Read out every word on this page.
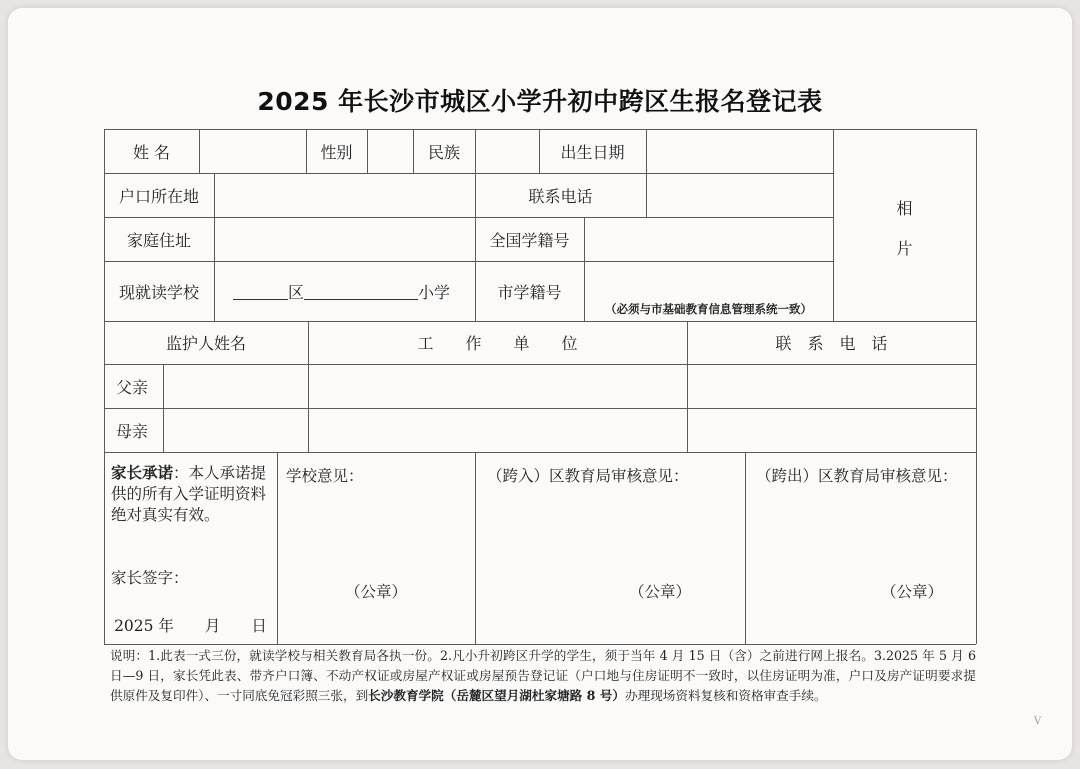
2025 年长沙市城区小学升初中跨区生报名登记表
姓 名	性别	民族	出生日期
户口所在地	联系电话
家庭住址	全国学籍号
现就读学校	区	小学	市学籍号
（必须与市基础教育信息管理系统一致）
相
片
监护人姓名	工　　作　　单　　位	联　系　电　话
父亲
母亲
家长承诺：本人承诺提供的所有入学证明资料绝对真实有效。
家长签字：
2025 年　　月　　日
学校意见：
（公章）
（跨入）区教育局审核意见：
（公章）
（跨出）区教育局审核意见：
（公章）
说明：1.此表一式三份，就读学校与相关教育局各执一份。2.凡小升初跨区升学的学生，须于当年 4 月 15 日（含）之前进行网上报名。3.2025 年 5 月 6 日—9 日，家长凭此表、带齐户口簿、不动产权证或房屋产权证或房屋预告登记证（户口地与住房证明不一致时，以住房证明为准，户口及房产证明要求提供原件及复印件）、一寸同底免冠彩照三张，到长沙教育学院（岳麓区望月湖杜家塘路 8 号）办理现场资料复核和资格审查手续。
V
